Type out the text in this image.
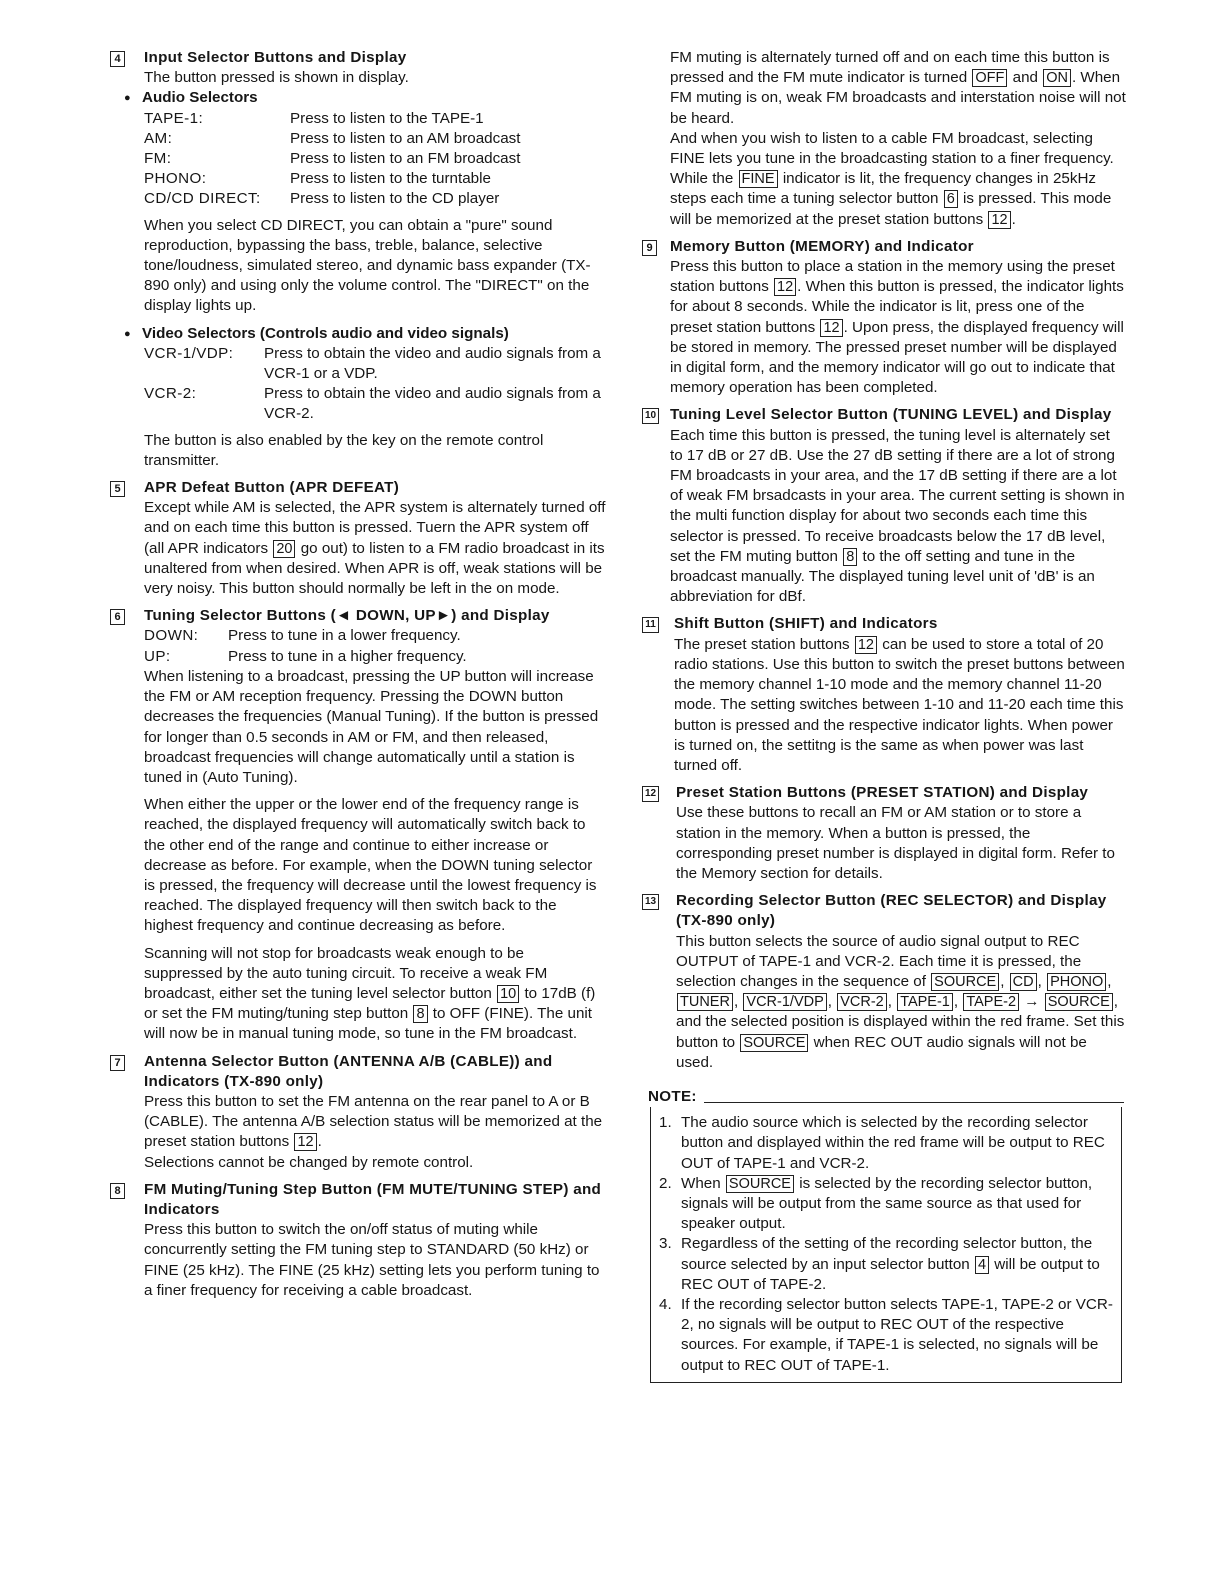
4 Input Selector Buttons and Display
The button pressed is shown in display.
● Audio Selectors
TAPE-1:	Press to listen to the TAPE-1
AM:	Press to listen to an AM broadcast
FM:	Press to listen to an FM broadcast
PHONO:	Press to listen to the turntable
CD/CD DIRECT:	Press to listen to the CD player
When you select CD DIRECT, you can obtain a "pure" sound reproduction, bypassing the bass, treble, balance, selective tone/loudness, simulated stereo, and dynamic bass expander (TX-890 only) and using only the volume control. The "DIRECT" on the display lights up.
● Video Selectors (Controls audio and video signals)
VCR-1/VDP:	Press to obtain the video and audio signals from a VCR-1 or a VDP.
VCR-2:	Press to obtain the video and audio signals from a VCR-2.
The button is also enabled by the key on the remote control transmitter.
5 APR Defeat Button (APR DEFEAT)
Except while AM is selected, the APR system is alternately turned off and on each time this button is pressed. Tuern the APR system off (all APR indicators 20 go out) to listen to a FM radio broadcast in its unaltered from when desired. When APR is off, weak stations will be very noisy. This button should normally be left in the on mode.
6 Tuning Selector Buttons (◄ DOWN, UP►) and Display
DOWN:	Press to tune in a lower frequency.
UP:	Press to tune in a higher frequency.
When listening to a broadcast, pressing the UP button will increase the FM or AM reception frequency. Pressing the DOWN button decreases the frequencies (Manual Tuning). If the button is pressed for longer than 0.5 seconds in AM or FM, and then released, broadcast frequencies will change automatically until a station is tuned in (Auto Tuning).
When either the upper or the lower end of the frequency range is reached, the displayed frequency will automatically switch back to the other end of the range and continue to either increase or decrease as before. For example, when the DOWN tuning selector is pressed, the frequency will decrease until the lowest frequency is reached. The displayed frequency will then switch back to the highest frequency and continue decreasing as before.
Scanning will not stop for broadcasts weak enough to be suppressed by the auto tuning circuit. To receive a weak FM broadcast, either set the tuning level selector button 10 to 17dB (f) or set the FM muting/tuning step button 8 to OFF (FINE). The unit will now be in manual tuning mode, so tune in the FM broadcast.
7 Antenna Selector Button (ANTENNA A/B (CABLE)) and Indicators (TX-890 only)
Press this button to set the FM antenna on the rear panel to A or B (CABLE). The antenna A/B selection status will be memorized at the preset station buttons 12 .
Selections cannot be changed by remote control.
8 FM Muting/Tuning Step Button (FM MUTE/TUNING STEP) and Indicators
Press this button to switch the on/off status of muting while concurrently setting the FM tuning step to STANDARD (50 kHz) or FINE (25 kHz). The FINE (25 kHz) setting lets you perform tuning to a finer frequency for receiving a cable broadcast.
FM muting is alternately turned off and on each time this button is pressed and the FM mute indicator is turned OFF and ON . When FM muting is on, weak FM broadcasts and interstation noise will not be heard.
And when you wish to listen to a cable FM broadcast, selecting FINE lets you tune in the broadcasting station to a finer frequency. While the FINE indicator is lit, the frequency changes in 25kHz steps each time a tuning selector button 6 is pressed. This mode will be memorized at the preset station buttons 12 .
9 Memory Button (MEMORY) and Indicator
Press this button to place a station in the memory using the preset station buttons 12 . When this button is pressed, the indicator lights for about 8 seconds. While the indicator is lit, press one of the preset station buttons 12 . Upon press, the displayed frequency will be stored in memory. The pressed preset number will be displayed in digital form, and the memory indicator will go out to indicate that memory operation has been completed.
10 Tuning Level Selector Button (TUNING LEVEL) and Display
Each time this button is pressed, the tuning level is alternately set to 17 dB or 27 dB. Use the 27 dB setting if there are a lot of strong FM broadcasts in your area, and the 17 dB setting if there are a lot of weak FM brsadcasts in your area. The current setting is shown in the multi function display for about two seconds each time this selector is pressed. To receive broadcasts below the 17 dB level, set the FM muting button 8 to the off setting and tune in the broadcast manually. The displayed tuning level unit of 'dB' is an abbreviation for dBf.
11 Shift Button (SHIFT) and Indicators
The preset station buttons 12 can be used to store a total of 20 radio stations. Use this button to switch the preset buttons between the memory channel 1-10 mode and the memory channel 11-20 mode. The setting switches between 1-10 and 11-20 each time this button is pressed and the respective indicator lights. When power is turned on, the settitng is the same as when power was last turned off.
12 Preset Station Buttons (PRESET STATION) and Display
Use these buttons to recall an FM or AM station or to store a station in the memory. When a button is pressed, the corresponding preset number is displayed in digital form. Refer to the Memory section for details.
13 Recording Selector Button (REC SELECTOR) and Display (TX-890 only)
This button selects the source of audio signal output to REC OUTPUT of TAPE-1 and VCR-2. Each time it is pressed, the selection changes in the sequence of SOURCE , CD , PHONO , TUNER , VCR-1/VDP , VCR-2 , TAPE-1 , TAPE-2 → SOURCE , and the selected position is displayed within the red frame. Set this button to SOURCE when REC OUT audio signals will not be used.
NOTE:
1. The audio source which is selected by the recording selector button and displayed within the red frame will be output to REC OUT of TAPE-1 and VCR-2.
2. When SOURCE is selected by the recording selector button, signals will be output from the same source as that used for speaker output.
3. Regardless of the setting of the recording selector button, the source selected by an input selector button 4 will be output to REC OUT of TAPE-2.
4. If the recording selector button selects TAPE-1, TAPE-2 or VCR-2, no signals will be output to REC OUT of the respective sources. For example, if TAPE-1 is selected, no signals will be output to REC OUT of TAPE-1.
